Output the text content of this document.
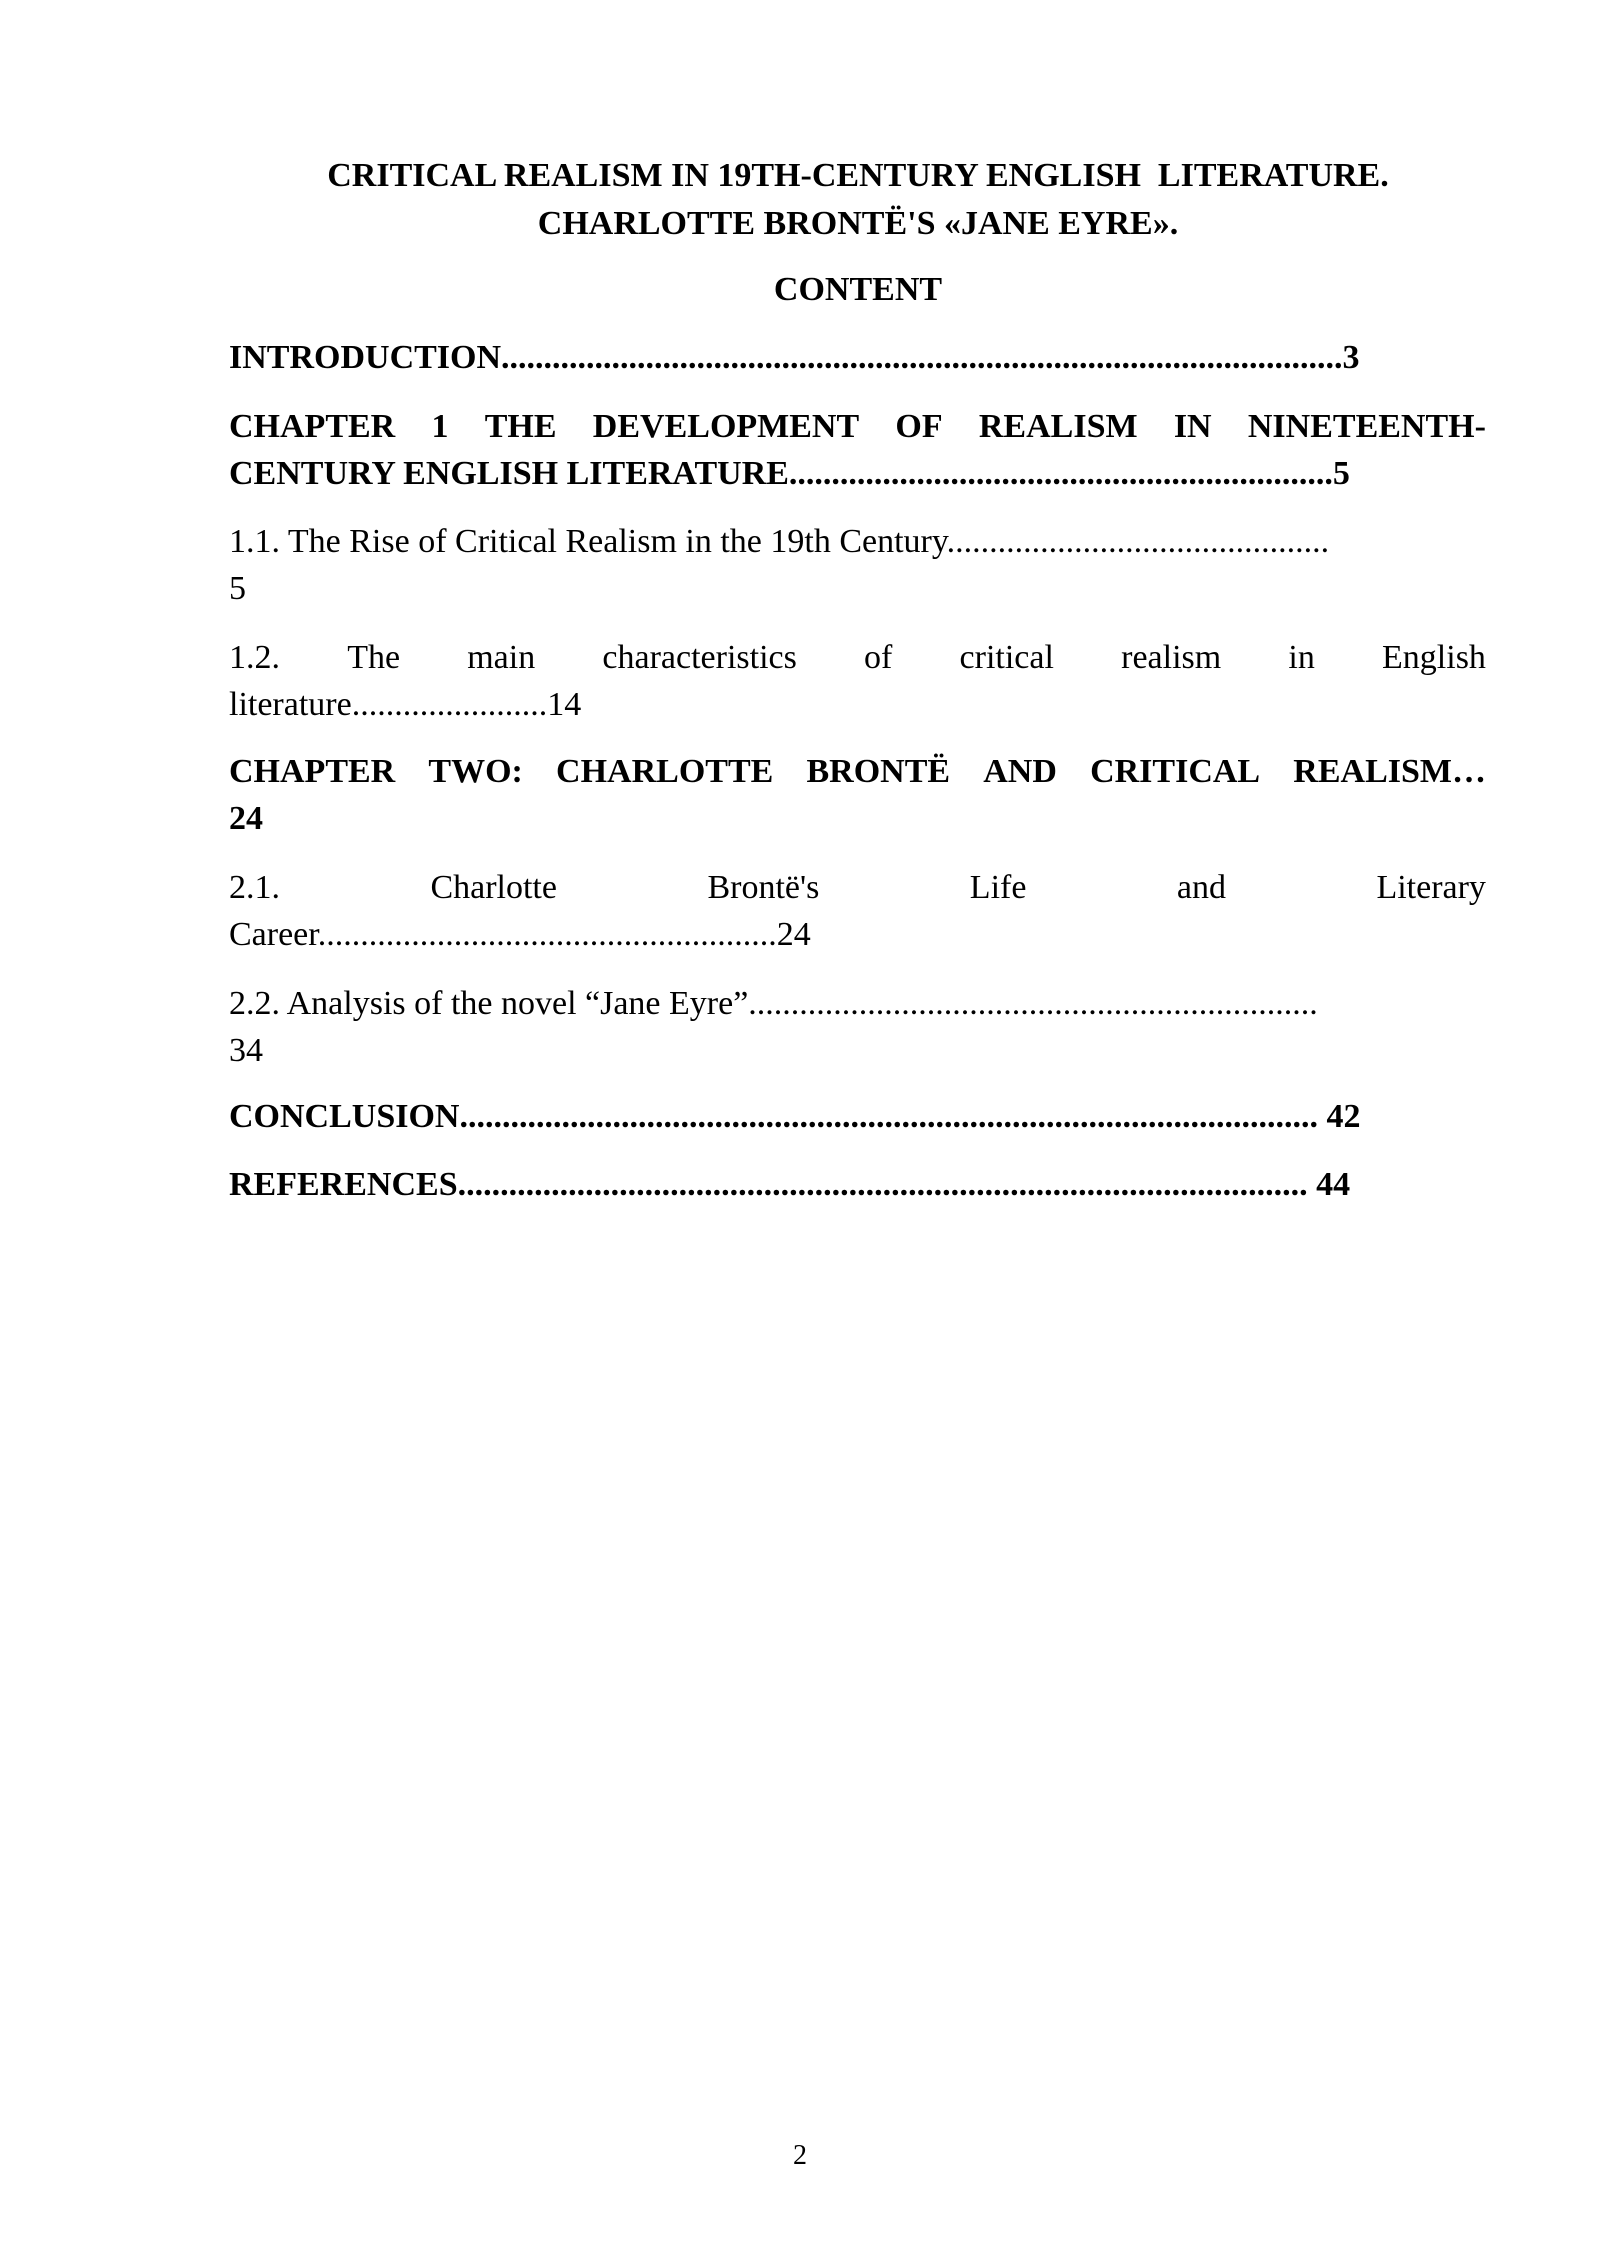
CRITICAL REALISM IN 19TH-CENTURY ENGLISH  LITERATURE.
CHARLOTTE BRONTË'S «JANE EYRE».
CONTENT
INTRODUCTION...................................................................................................3
CHAPTER 1 THE DEVELOPMENT OF REALISM IN NINETEENTH-
CENTURY ENGLISH LITERATURE................................................................5
1.1. The Rise of Critical Realism in the 19th Century.............................................
5
1.2. The main characteristics of critical realism in English
literature.......................14
CHAPTER TWO: CHARLOTTE BRONTË AND CRITICAL REALISM…
24
2.1.	Charlotte	Brontë's	Life	and	Literary
Career......................................................24
2.2. Analysis of the novel “Jane Eyre”...................................................................
34
CONCLUSION..................................................................................................... 42
REFERENCES.................................................................................................... 44
2
